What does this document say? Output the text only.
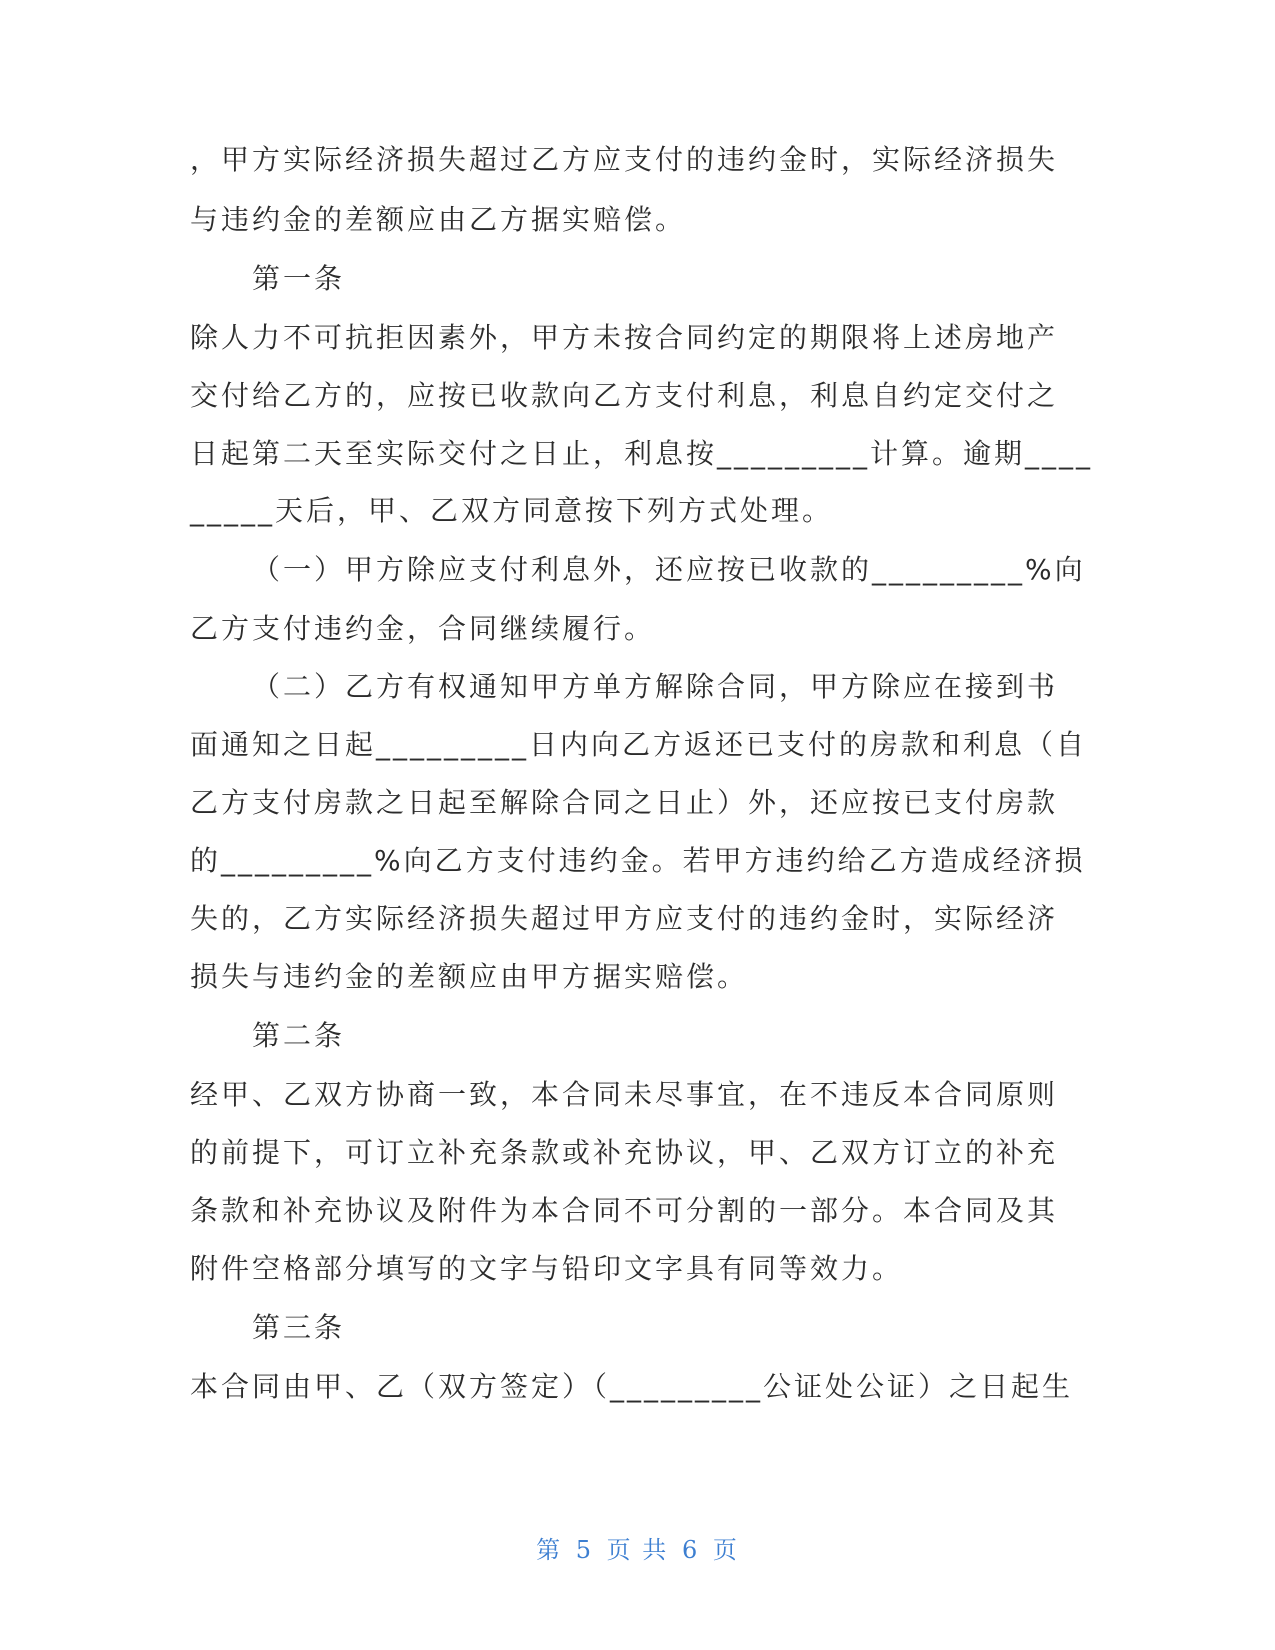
，甲方实际经济损失超过乙方应支付的违约金时，实际经济损失
与违约金的差额应由乙方据实赔偿。
第一条
除人力不可抗拒因素外，甲方未按合同约定的期限将上述房地产
交付给乙方的，应按已收款向乙方支付利息，利息自约定交付之
日起第二天至实际交付之日止，利息按_________计算。逾期____
_____天后，甲、乙双方同意按下列方式处理。
（一）甲方除应支付利息外，还应按已收款的_________%向
乙方支付违约金，合同继续履行。
（二）乙方有权通知甲方单方解除合同，甲方除应在接到书
面通知之日起_________日内向乙方返还已支付的房款和利息（自
乙方支付房款之日起至解除合同之日止）外，还应按已支付房款
的_________%向乙方支付违约金。若甲方违约给乙方造成经济损
失的，乙方实际经济损失超过甲方应支付的违约金时，实际经济
损失与违约金的差额应由甲方据实赔偿。
第二条
经甲、乙双方协商一致，本合同未尽事宜，在不违反本合同原则
的前提下，可订立补充条款或补充协议，甲、乙双方订立的补充
条款和补充协议及附件为本合同不可分割的一部分。本合同及其
附件空格部分填写的文字与铅印文字具有同等效力。
第三条
本合同由甲、乙（双方签定）（_________公证处公证）之日起生
第 5 页 共 6 页
